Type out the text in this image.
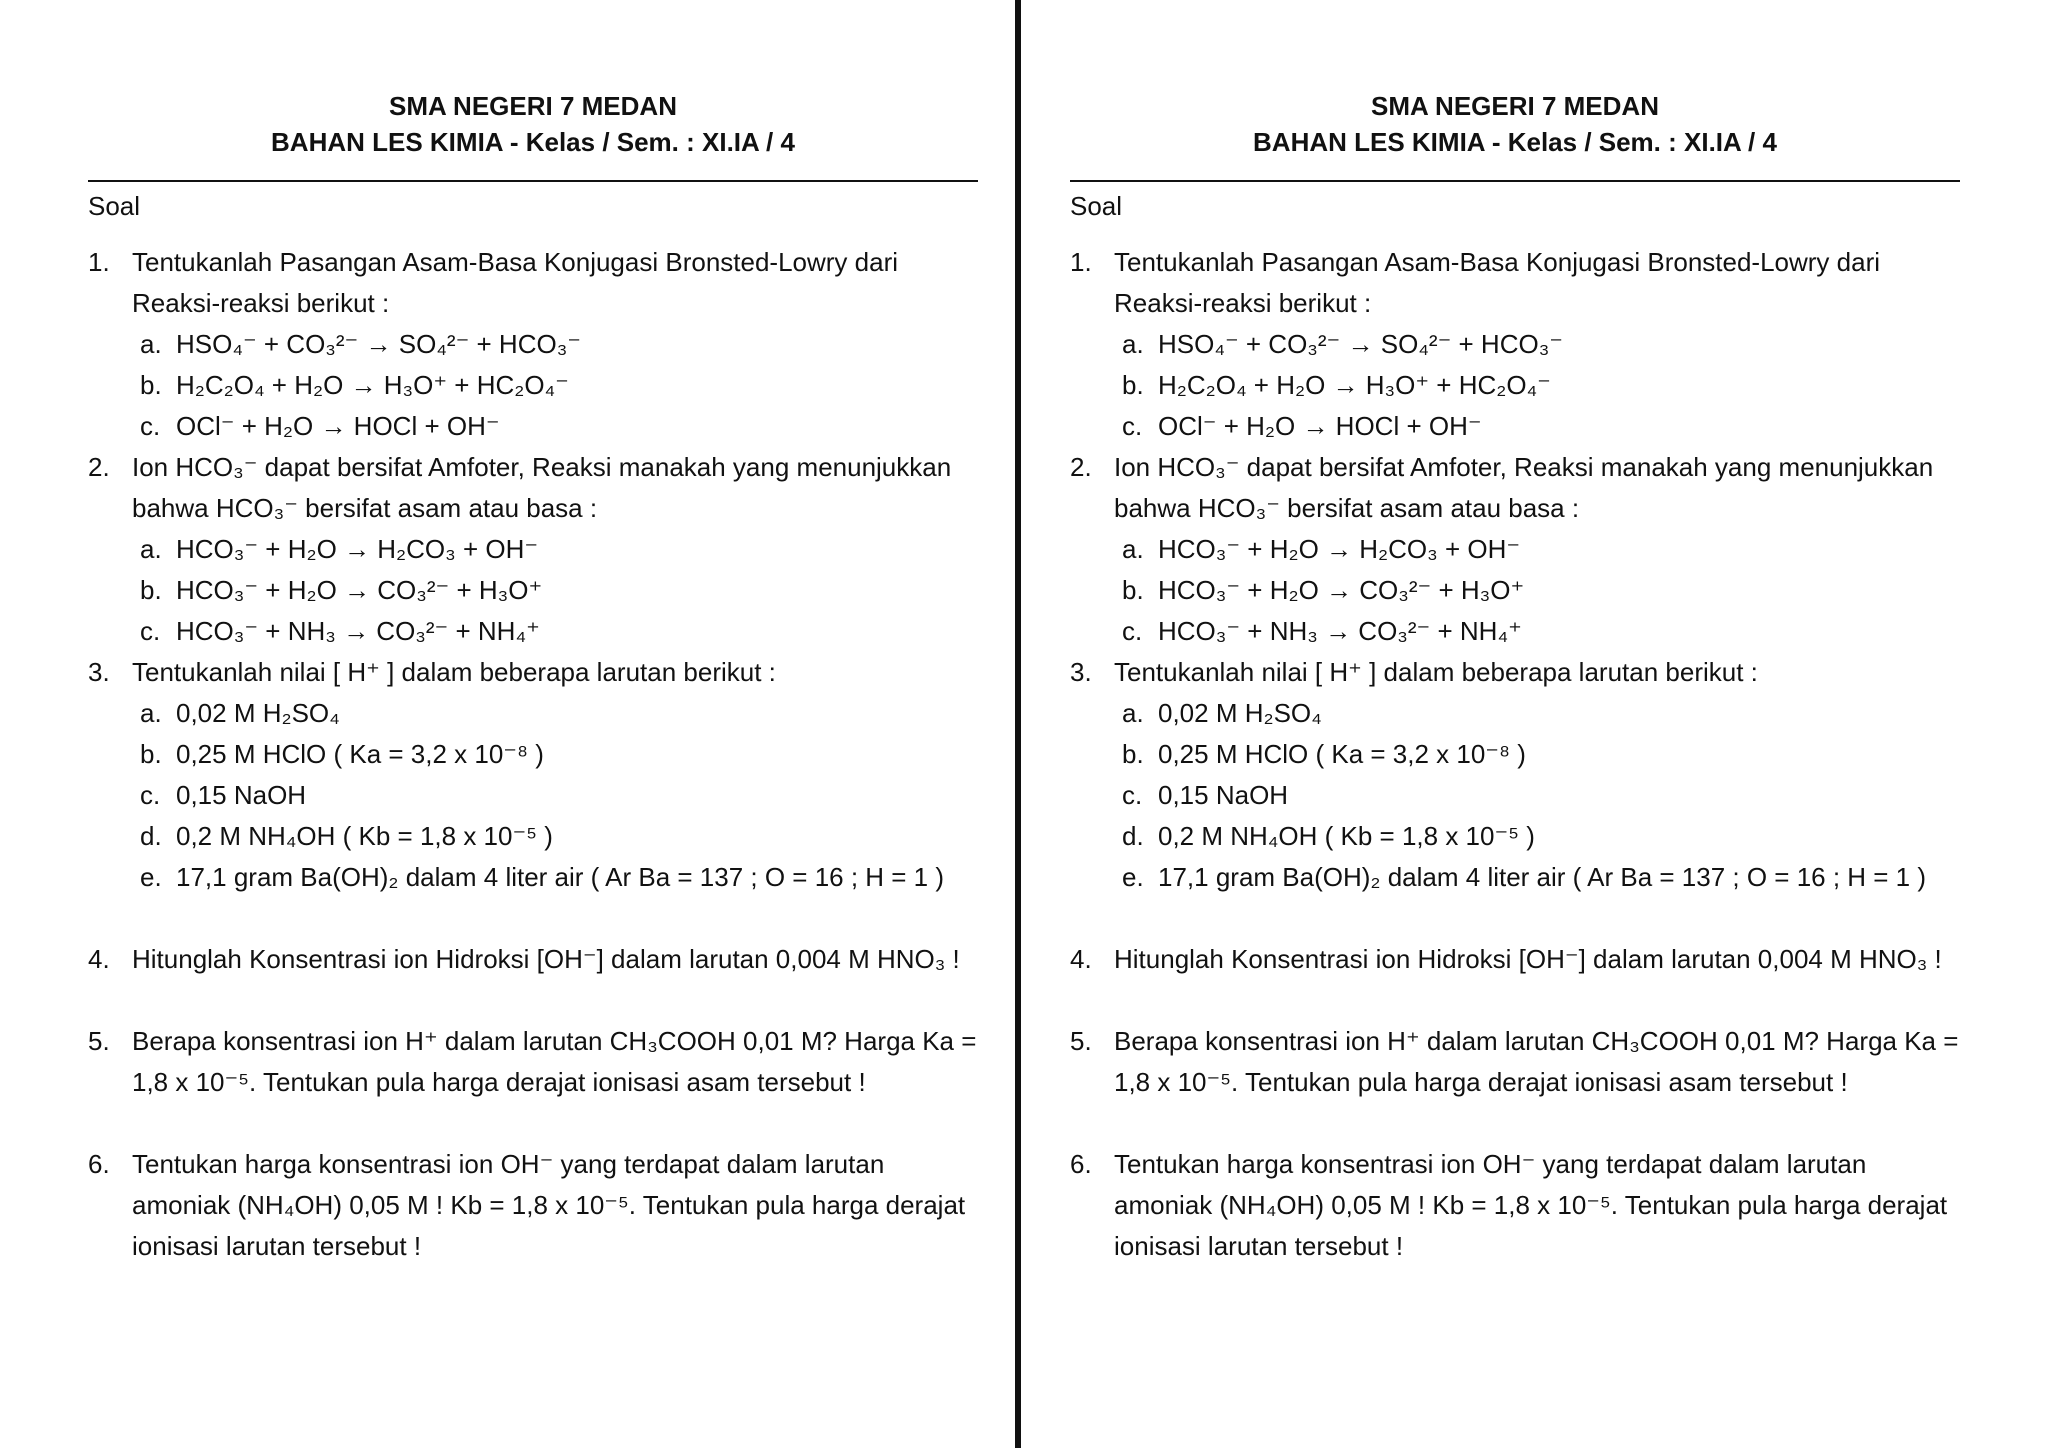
SMA NEGERI 7 MEDAN
BAHAN LES KIMIA - Kelas / Sem. : XI.IA / 4
Soal
1. Tentukanlah Pasangan Asam-Basa Konjugasi Bronsted-Lowry dari Reaksi-reaksi berikut :
a. HSO₄⁻ + CO₃²⁻ → SO₄²⁻ + HCO₃⁻
b. H₂C₂O₄ + H₂O → H₃O⁺ + HC₂O₄⁻
c. OCl⁻ + H₂O → HOCl + OH⁻
2. Ion HCO₃⁻ dapat bersifat Amfoter, Reaksi manakah yang menunjukkan bahwa HCO₃⁻ bersifat asam atau basa :
a. HCO₃⁻ + H₂O → H₂CO₃ + OH⁻
b. HCO₃⁻ + H₂O → CO₃²⁻ + H₃O⁺
c. HCO₃⁻ + NH₃ → CO₃²⁻ + NH₄⁺
3. Tentukanlah nilai [ H⁺ ] dalam beberapa larutan berikut :
a. 0,02 M H₂SO₄
b. 0,25 M HClO ( Ka = 3,2 x 10⁻⁸ )
c. 0,15 NaOH
d. 0,2 M NH₄OH ( Kb = 1,8 x 10⁻⁵ )
e. 17,1 gram Ba(OH)₂ dalam 4 liter air ( Ar Ba = 137 ; O = 16 ; H = 1 )
4. Hitunglah Konsentrasi ion Hidroksi [OH⁻] dalam larutan 0,004 M HNO₃ !
5. Berapa konsentrasi ion H⁺ dalam larutan CH₃COOH 0,01 M? Harga Ka = 1,8 x 10⁻⁵. Tentukan pula harga derajat ionisasi asam tersebut !
6. Tentukan harga konsentrasi ion OH⁻ yang terdapat dalam larutan amoniak (NH₄OH) 0,05 M ! Kb = 1,8 x 10⁻⁵. Tentukan pula harga derajat ionisasi larutan tersebut !
SMA NEGERI 7 MEDAN
BAHAN LES KIMIA - Kelas / Sem. : XI.IA / 4
Soal
1. Tentukanlah Pasangan Asam-Basa Konjugasi Bronsted-Lowry dari Reaksi-reaksi berikut :
a. HSO₄⁻ + CO₃²⁻ → SO₄²⁻ + HCO₃⁻
b. H₂C₂O₄ + H₂O → H₃O⁺ + HC₂O₄⁻
c. OCl⁻ + H₂O → HOCl + OH⁻
2. Ion HCO₃⁻ dapat bersifat Amfoter, Reaksi manakah yang menunjukkan bahwa HCO₃⁻ bersifat asam atau basa :
a. HCO₃⁻ + H₂O → H₂CO₃ + OH⁻
b. HCO₃⁻ + H₂O → CO₃²⁻ + H₃O⁺
c. HCO₃⁻ + NH₃ → CO₃²⁻ + NH₄⁺
3. Tentukanlah nilai [ H⁺ ] dalam beberapa larutan berikut :
a. 0,02 M H₂SO₄
b. 0,25 M HClO ( Ka = 3,2 x 10⁻⁸ )
c. 0,15 NaOH
d. 0,2 M NH₄OH ( Kb = 1,8 x 10⁻⁵ )
e. 17,1 gram Ba(OH)₂ dalam 4 liter air ( Ar Ba = 137 ; O = 16 ; H = 1 )
4. Hitunglah Konsentrasi ion Hidroksi [OH⁻] dalam larutan 0,004 M HNO₃ !
5. Berapa konsentrasi ion H⁺ dalam larutan CH₃COOH 0,01 M? Harga Ka = 1,8 x 10⁻⁵. Tentukan pula harga derajat ionisasi asam tersebut !
6. Tentukan harga konsentrasi ion OH⁻ yang terdapat dalam larutan amoniak (NH₄OH) 0,05 M ! Kb = 1,8 x 10⁻⁵. Tentukan pula harga derajat ionisasi larutan tersebut !
